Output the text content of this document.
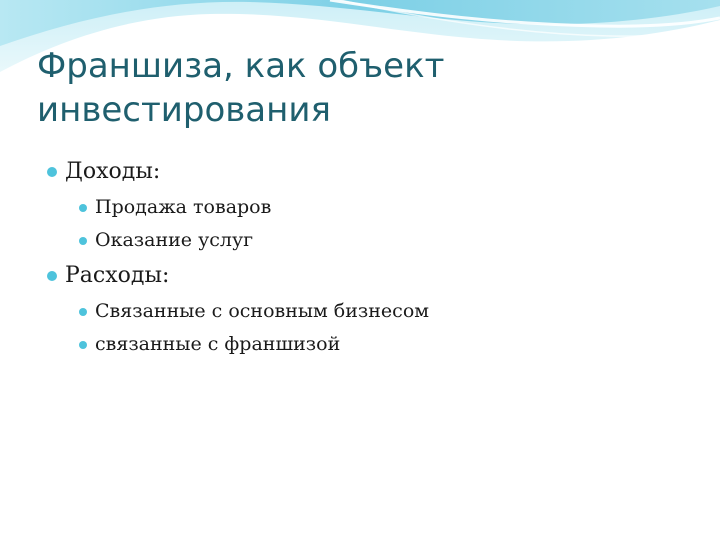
Франшиза, как объект
инвестирования
Доходы:
Продажа товаров
Оказание услуг
Расходы:
Связанные с основным бизнесом
связанные с франшизой
